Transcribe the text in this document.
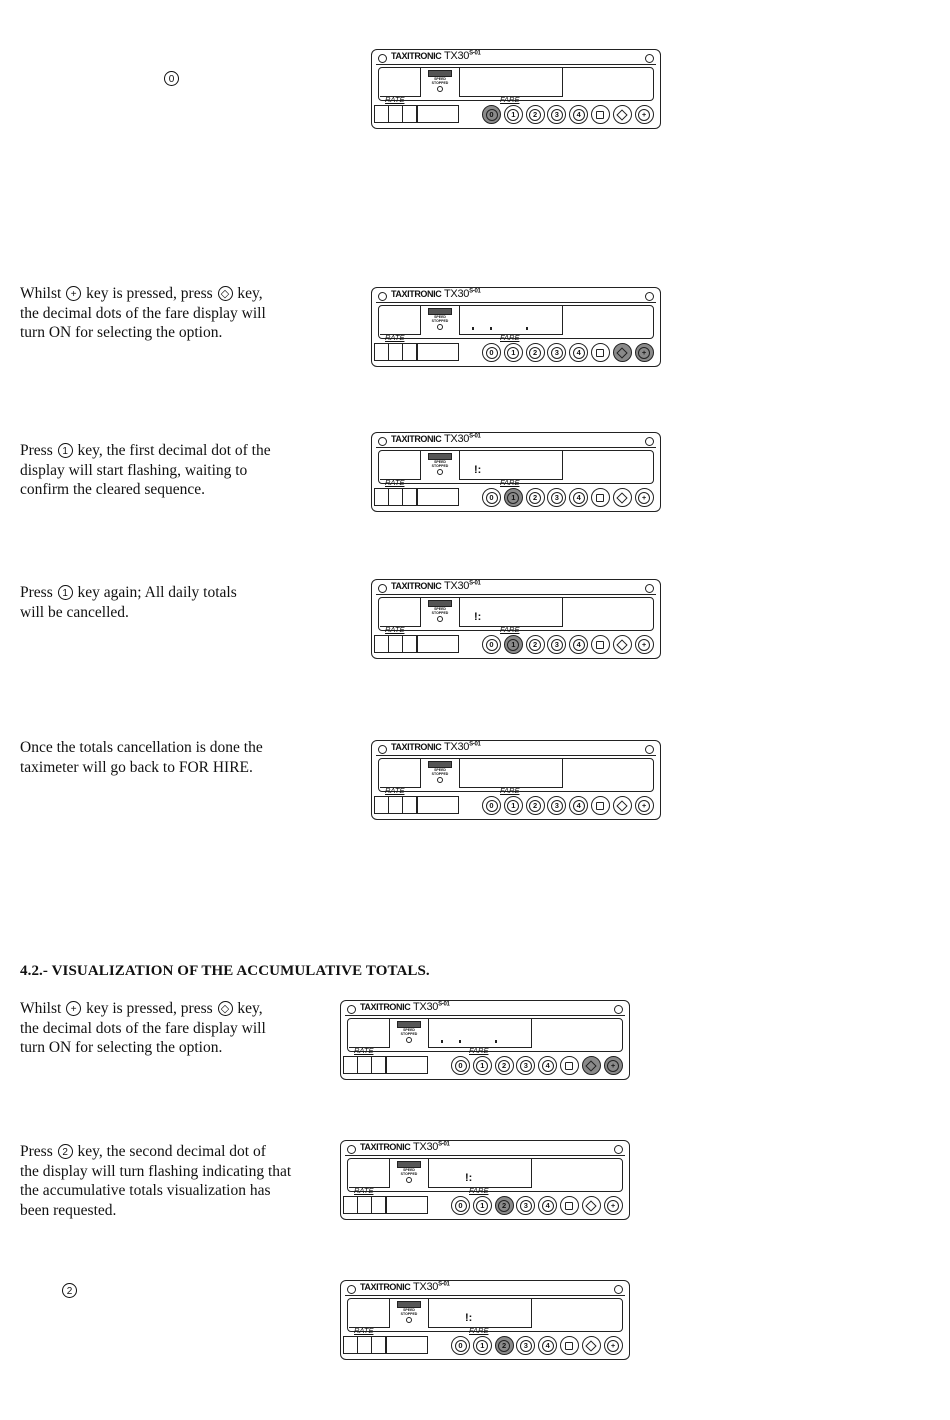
0

Whilst + key is pressed, press ◇ key,

the decimal dots of the fare display will

turn ON for selecting the option.

Press 1 key, the first decimal dot of the

display will start flashing, waiting to

confirm the cleared sequence.

Press 1 key again; All daily totals

will be cancelled.

Once the totals cancellation is done the

taximeter will go back to FOR HIRE.

4.2.- VISUALIZATION OF THE ACCUMULATIVE TOTALS.

Whilst + key is pressed, press ◇ key,

the decimal dots of the fare display will

turn ON for selecting the option.

Press 2 key, the second decimal dot of

the display will turn flashing indicating that

the accumulative totals visualization has

been requested.

2
TAXITRONIC $TX30^{S-01}$
SPEED
STOPPED
RATE	FARE
0 1 2 3 4	+
TAXITRONIC $TX30^{S-01}$
SPEED
STOPPED
RATE	FARE
0 1 2 3 4	+
TAXITRONIC $TX30^{S-01}$
SPEED
STOPPED	!:
RATE	FARE
0 1 2 3 4	+
TAXITRONIC $TX30^{S-01}$
SPEED
STOPPED	!:
RATE	FARE
0 1 2 3 4	+
TAXITRONIC $TX30^{S-01}$
SPEED
STOPPED
RATE	FARE
0 1 2 3 4	+
TAXITRONIC $TX30^{S-01}$
SPEED
STOPPED
RATE	FARE
0 1 2 3 4	+
TAXITRONIC $TX30^{S-01}$
SPEED
STOPPED	!:
RATE	FARE
0 1 2 3 4	+
TAXITRONIC $TX30^{S-01}$
SPEED
STOPPED	!:
RATE	FARE
0 1 2 3 4	+
